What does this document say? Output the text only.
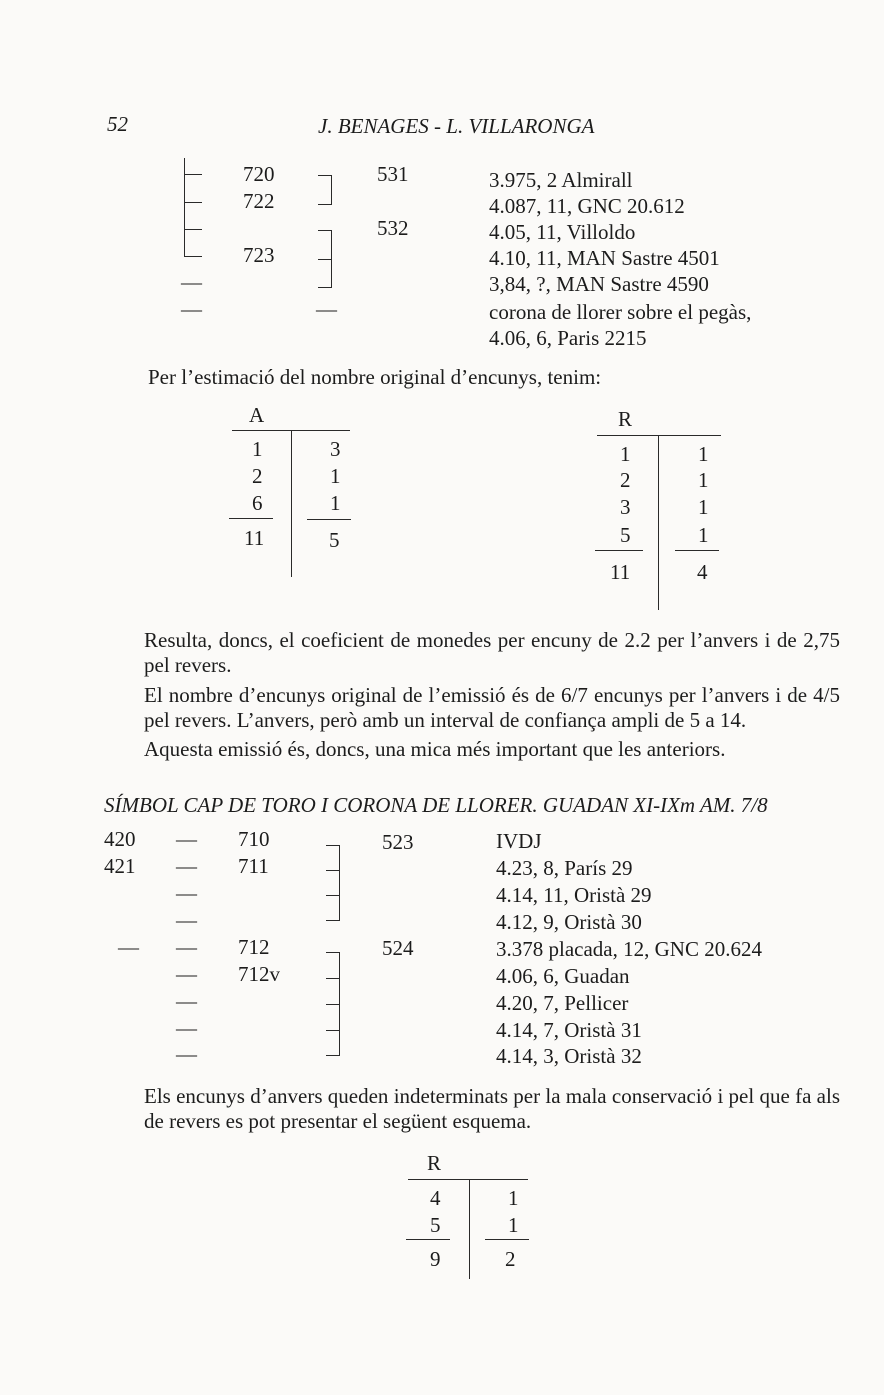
52	J. BENAGES - L. VILLARONGA
720
722
723
—
—	—
531
532
3.975, 2 Almirall
4.087, 11, GNC 20.612
4.05, 11, Villoldo
4.10, 11, MAN Sastre 4501
3,84, ?, MAN Sastre 4590
corona de llorer sobre el pegàs,
4.06, 6, Paris 2215
Per l’estimació del nombre original d’encunys, tenim:
A
1
2
6
11
3
1
1
5
R
1
2
3
5
11
1
1
1
1
4
Resulta, doncs, el coeficient de monedes per encuny de 2.2 per l’anvers i de 2,75 pel revers.
El nombre d’encunys original de l’emissió és de 6/7 encunys per l’anvers i de 4/5 pel revers. L’anvers, però amb un interval de confiança ampli de 5 a 14.
Aquesta emissió és, doncs, una mica més important que les anteriors.
SÍMBOL CAP DE TORO I CORONA DE LLORER. GUADAN XI-IXm AM. 7/8
420
421
—
—
—
—
—
—
—
—
—
—
710
711
712
712v
523
524
IVDJ
4.23, 8, París 29
4.14, 11, Oristà 29
4.12, 9, Oristà 30
3.378 placada, 12, GNC 20.624
4.06, 6, Guadan
4.20, 7, Pellicer
4.14, 7, Oristà 31
4.14, 3, Oristà 32
Els encunys d’anvers queden indeterminats per la mala conservació i pel que fa als de revers es pot presentar el següent esquema.
R
4
5
9
1
1
2
